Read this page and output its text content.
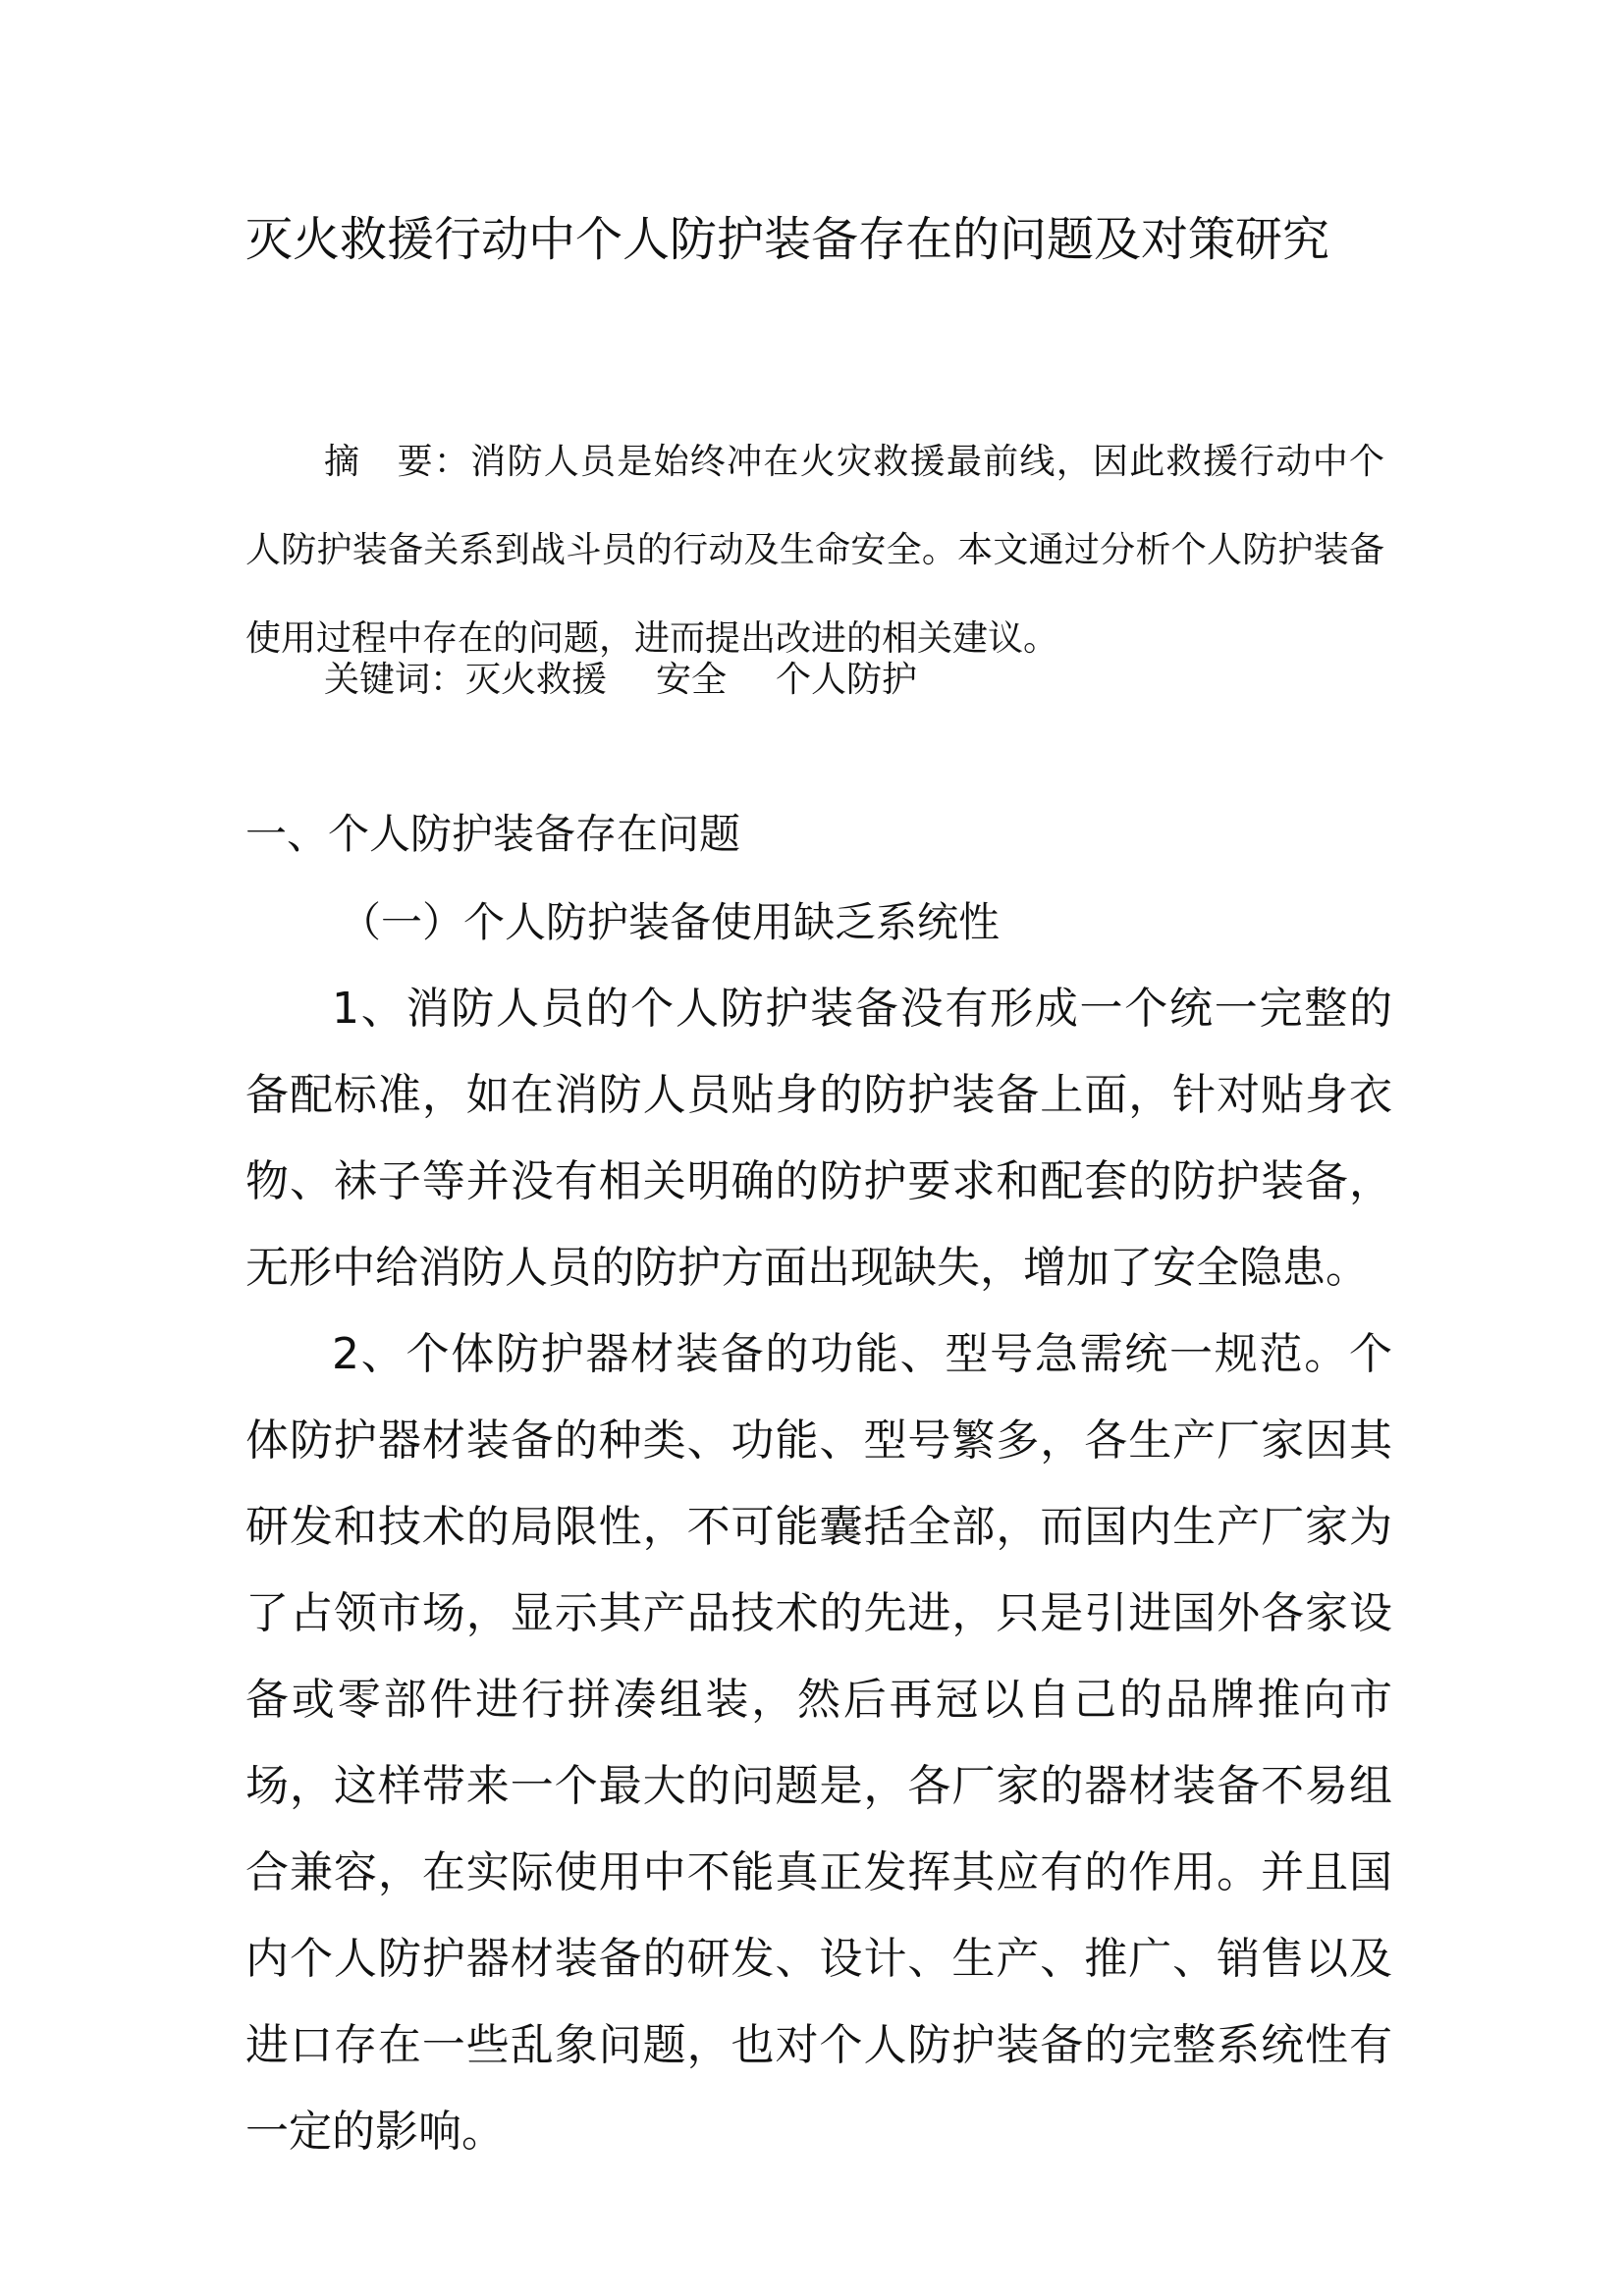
灭火救援行动中个人防护装备存在的问题及对策研究
摘 要：消防人员是始终冲在火灾救援最前线，因此救援行动中个人防护装备关系到战斗员的行动及生命安全。本文通过分析个人防护装备使用过程中存在的问题，进而提出改进的相关建议。
关键词：灭火救援 安全 个人防护
一、个人防护装备存在问题
（一）个人防护装备使用缺乏系统性

1、消防人员的个人防护装备没有形成一个统一完整的备配标准，如在消防人员贴身的防护装备上面，针对贴身衣物、袜子等并没有相关明确的防护要求和配套的防护装备，无形中给消防人员的防护方面出现缺失，增加了安全隐患。

2、个体防护器材装备的功能、型号急需统一规范。个体防护器材装备的种类、功能、型号繁多，各生产厂家因其研发和技术的局限性，不可能囊括全部，而国内生产厂家为了占领市场，显示其产品技术的先进，只是引进国外各家设备或零部件进行拼凑组装，然后再冠以自己的品牌推向市场，这样带来一个最大的问题是，各厂家的器材装备不易组合兼容，在实际使用中不能真正发挥其应有的作用。并且国内个人防护器材装备的研发、设计、生产、推广、销售以及进口存在一些乱象问题，也对个人防护装备的完整系统性有一定的影响。
